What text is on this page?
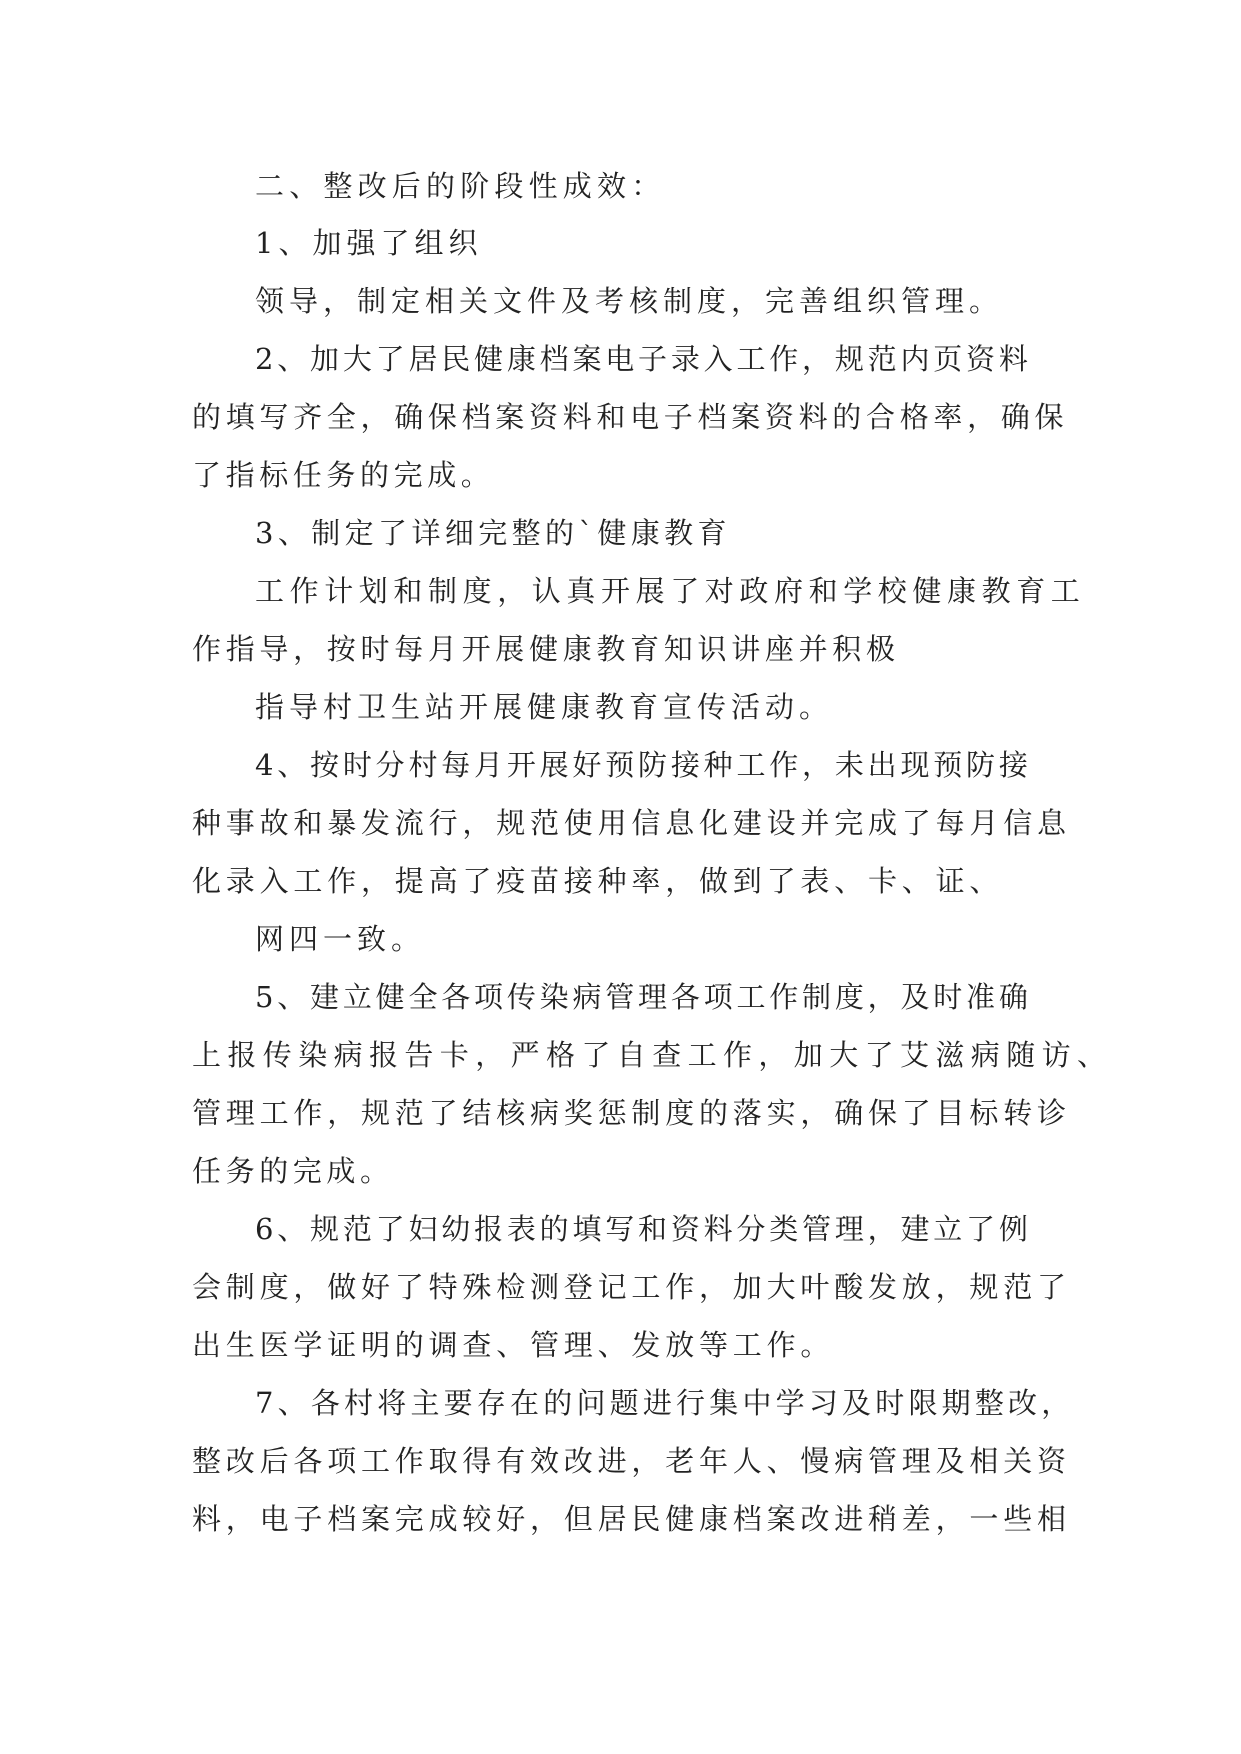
二、整改后的阶段性成效：

1、加强了组织

领导，制定相关文件及考核制度，完善组织管理。

2、加大了居民健康档案电子录入工作，规范内页资料

的填写齐全，确保档案资料和电子档案资料的合格率，确保

了指标任务的完成。

3、制定了详细完整的`健康教育

工作计划和制度，认真开展了对政府和学校健康教育工

作指导，按时每月开展健康教育知识讲座并积极

指导村卫生站开展健康教育宣传活动。

4、按时分村每月开展好预防接种工作，未出现预防接

种事故和暴发流行，规范使用信息化建设并完成了每月信息

化录入工作，提高了疫苗接种率，做到了表、卡、证、

网四一致。

5、建立健全各项传染病管理各项工作制度，及时准确

上报传染病报告卡，严格了自查工作，加大了艾滋病随访、

管理工作，规范了结核病奖惩制度的落实，确保了目标转诊

任务的完成。

6、规范了妇幼报表的填写和资料分类管理，建立了例

会制度，做好了特殊检测登记工作，加大叶酸发放，规范了

出生医学证明的调查、管理、发放等工作。

7、各村将主要存在的问题进行集中学习及时限期整改，

整改后各项工作取得有效改进，老年人、慢病管理及相关资

料，电子档案完成较好，但居民健康档案改进稍差，一些相
